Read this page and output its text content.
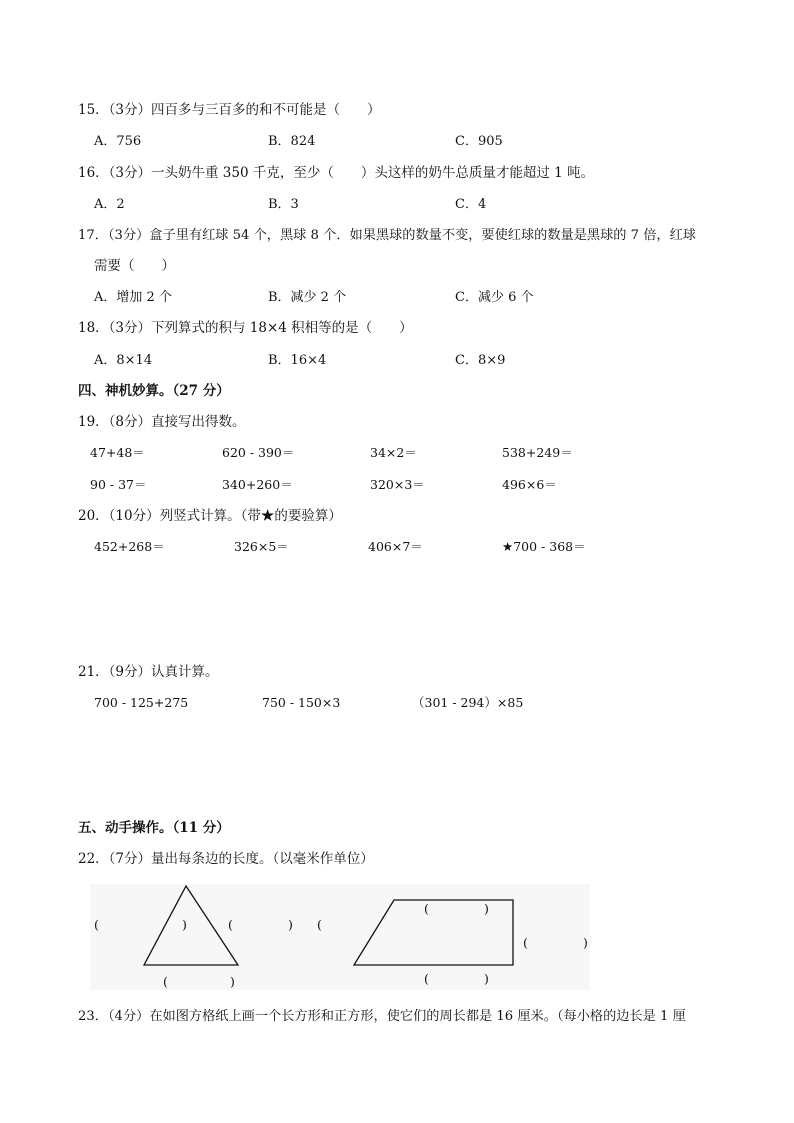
15．（3分）四百多与三百多的和不可能是（　　）
A．756	B．824	C．905
16．（3分）一头奶牛重 350 千克，至少（　　）头这样的奶牛总质量才能超过 1 吨。
A．2	B．3	C．4
17．（3分）盒子里有红球 54 个，黑球 8 个．如果黑球的数量不变，要使红球的数量是黑球的 7 倍，红球
需要（　　）
A．增加 2 个	B．减少 2 个	C．减少 6 个
18．（3分）下列算式的积与 18×4 积相等的是（　　）
A．8×14	B．16×4	C．8×9
四、神机妙算。（27 分）
19．（8分）直接写出得数。
47+48＝	620 - 390＝	34×2＝	538+249＝
90 - 37＝	340+260＝	320×3＝	496×6＝
20．（10分）列竖式计算。（带★的要验算）
452+268＝	326×5＝	406×7＝	★700 - 368＝
21．（9分）认真计算。
700 - 125+275	750 - 150×3	（301 - 294）×85
五、动手操作。（11 分）
22．（7分）量出每条边的长度。（以毫米作单位）
(	)	(	)
(	)
(
(	)
(	)
(	)
23．（4分）在如图方格纸上画一个长方形和正方形，使它们的周长都是 16 厘米。（每小格的边长是 1 厘
